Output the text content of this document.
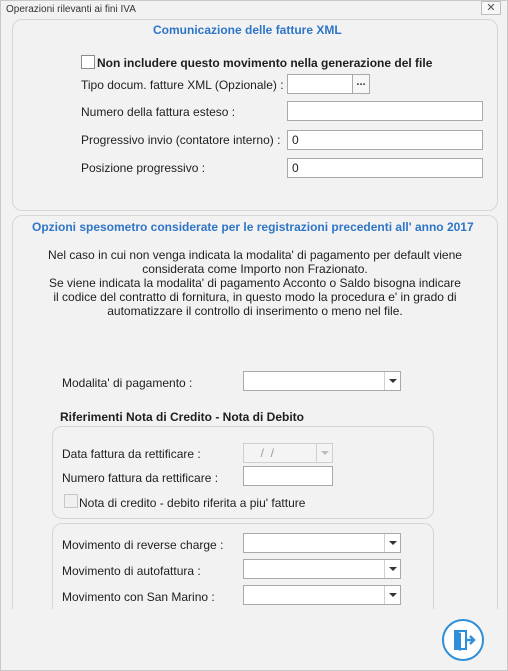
Operazioni rilevanti ai fini IVA	✕
Comunicazione delle fatture XML
Non includere questo movimento nella generazione del file
Tipo docum. fatture XML (Opzionale) :	...
Numero della fattura esteso :
Progressivo invio (contatore interno) : 0
Posizione progressivo :	0
Opzioni spesometro considerate per le registrazioni precedenti all' anno 2017
Nel caso in cui non venga indicata la modalita' di pagamento per default viene
considerata come Importo non Frazionato.
Se viene indicata la modalita' di pagamento Acconto o Saldo bisogna indicare
il codice del contratto di fornitura, in questo modo la procedura e' in grado di
automatizzare il controllo di inserimento o meno nel file.
Modalita' di pagamento :
Riferimenti Nota di Credito - Nota di Debito
Data fattura da rettificare :	/  /
Numero fattura da rettificare :
Nota di credito - debito riferita a piu' fatture
Movimento di reverse charge :
Movimento di autofattura :
Movimento con San Marino :
